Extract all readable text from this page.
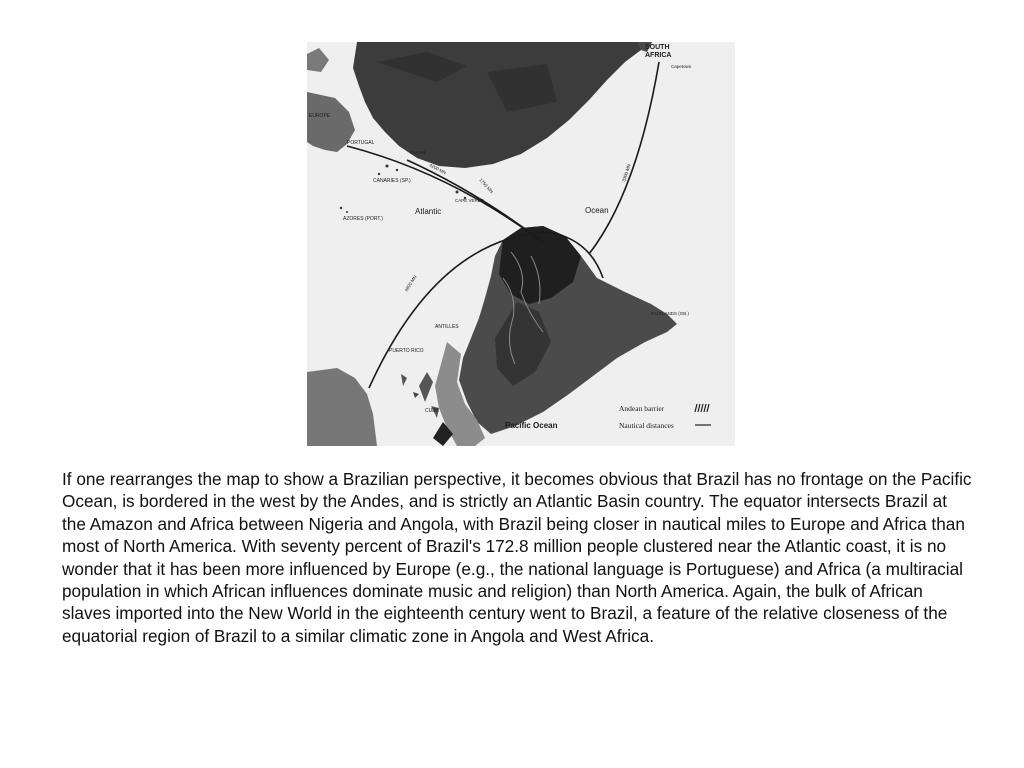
Andean barrier
Nautical distances
SOUTH
AFRICA
Capetown
EUROPE
PORTUGAL
CANARIES (SP.)
AZORES (PORT.)
CAPE VERDE
Atlantic	Ocean
DAKAR
ANTILLES
PUERTO RICO
CUBA
FALKLANDS (GB.)
Pacific Ocean
4200 MN
1750 MN
3300 MN
4800 MN

If one rearranges the map to show a Brazilian perspective, it becomes obvious that Brazil has no frontage on the Pacific Ocean, is bordered in the west by the Andes, and is strictly an Atlantic Basin country. The equator intersects Brazil at the Amazon and Africa between Nigeria and Angola, with Brazil being closer in nautical miles to Europe and Africa than most of North America. With seventy percent of Brazil's 172.8 million people clustered near the Atlantic coast, it is no wonder that it has been more influenced by Europe (e.g., the national language is Portuguese) and Africa (a multiracial population in which African influences dominate music and religion) than North America. Again, the bulk of African slaves imported into the New World in the eighteenth century went to Brazil, a feature of the relative closeness of the equatorial region of Brazil to a similar climatic zone in Angola and West Africa.
